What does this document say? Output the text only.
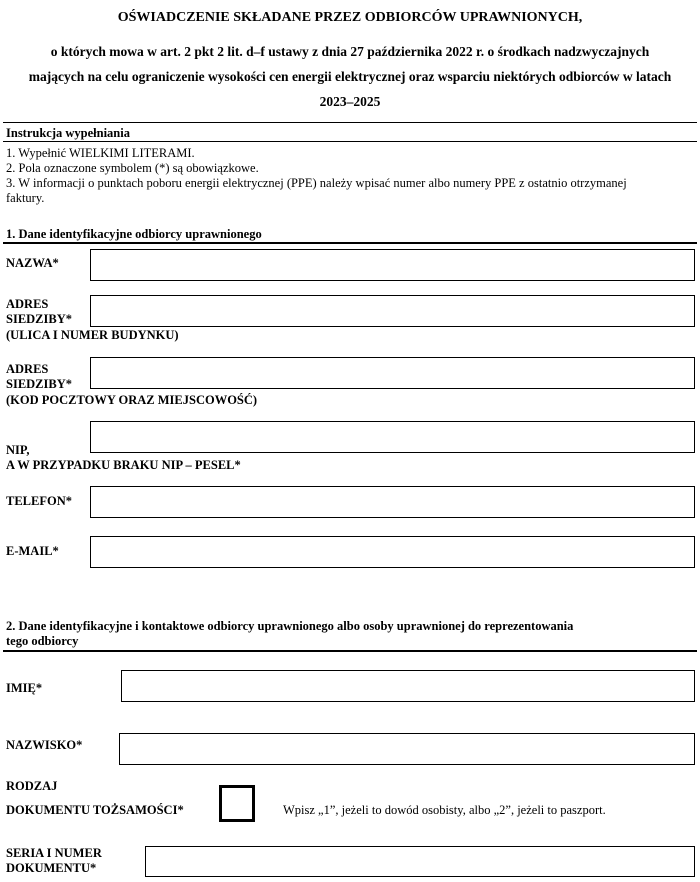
OŚWIADCZENIE SKŁADANE PRZEZ ODBIORCÓW UPRAWNIONYCH,
o których mowa w art. 2 pkt 2 lit. d–f ustawy z dnia 27 października 2022 r. o środkach nadzwyczajnych
mających na celu ograniczenie wysokości cen energii elektrycznej oraz wsparciu niektórych odbiorców w latach
2023–2025
Instrukcja wypełniania
1. Wypełnić WIELKIMI LITERAMI.
2. Pola oznaczone symbolem (*) są obowiązkowe.
3. W informacji o punktach poboru energii elektrycznej (PPE) należy wpisać numer albo numery PPE z ostatnio otrzymanej
faktury.
1. Dane identyfikacyjne odbiorcy uprawnionego
NAZWA*
ADRES
SIEDZIBY*
(ULICA I NUMER BUDYNKU)
ADRES
SIEDZIBY*
(KOD POCZTOWY ORAZ MIEJSCOWOŚĆ)
NIP,
A W PRZYPADKU BRAKU NIP – PESEL*
TELEFON*
E-MAIL*
2. Dane identyfikacyjne i kontaktowe odbiorcy uprawnionego albo osoby uprawnionej do reprezentowania
tego odbiorcy
IMIĘ*
NAZWISKO*
RODZAJ
DOKUMENTU TOŻSAMOŚCI*	Wpisz „1”, jeżeli to dowód osobisty, albo „2”, jeżeli to paszport.
SERIA I NUMER
DOKUMENTU*
